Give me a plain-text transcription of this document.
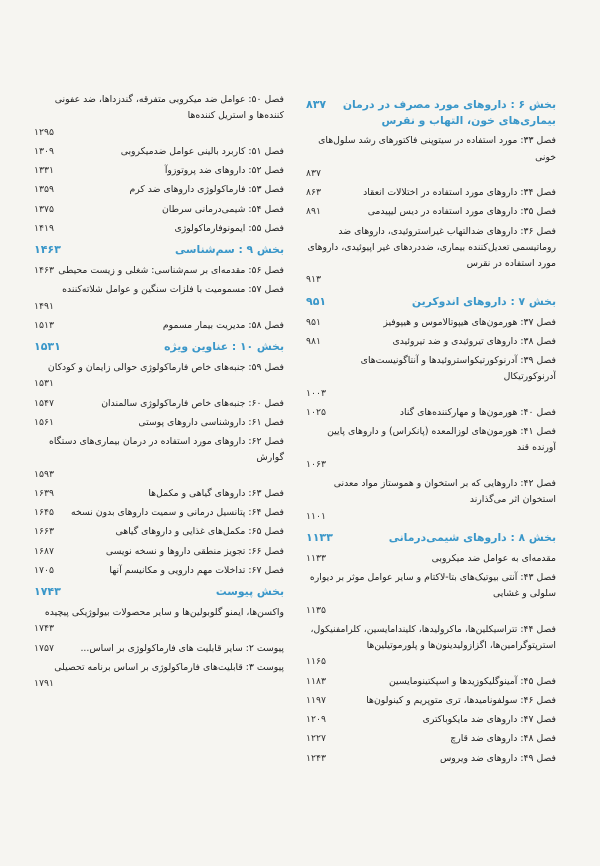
۸۳۷ بخش ۶ : داروهای مورد مصرف در درمان بیماری‌های خون، التهاب و نقرس
فصل ۳۳: مورد استفاده در سیتوپنی فاکتورهای رشد سلول‌های خونی
۸۳۷
۸۶۳	فصل ۳۴: داروهای مورد استفاده در اختلالات انعقاد
۸۹۱	فصل ۳۵: داروهای مورد استفاده در دیس لیپیدمی
فصل ۳۶: داروهای ضدالتهاب غیراستروئیدی، داروهای ضد روماتیسمی تعدیل‌کننده بیماری، ضددردهای غیر اپیوئیدی، داروهای مورد استفاده در نقرس
۹۱۳
۹۵۱	بخش ۷ : داروهای اندوکرین
۹۵۱	فصل ۳۷: هورمون‌های هیپوتالاموس و هیپوفیز
۹۸۱	فصل ۳۸: داروهای تیروئیدی و ضد تیروئیدی
فصل ۳۹: آدرنوکورتیکواستروئیدها و آنتاگونیست‌های آدرنوکورتیکال
۱۰۰۳
۱۰۲۵	فصل ۴۰: هورمون‌ها و مهارکننده‌های گناد
فصل ۴۱: هورمون‌های لوزالمعده (پانکراس) و داروهای پایین آورنده قند
۱۰۶۳
فصل ۴۲: داروهایی که بر استخوان و هموستاز مواد معدنی استخوان اثر می‌گذارند
۱۱۰۱
۱۱۳۳	بخش ۸ : داروهای شیمی‌درمانی
۱۱۳۳	مقدمه‌ای به عوامل ضد میکروبی
فصل ۴۳: آنتی بیوتیک‌های بتا-لاکتام و سایر عوامل موثر بر دیواره سلولی و غشایی
۱۱۳۵
فصل ۴۴: تتراسیکلین‌ها، ماکرولیدها، کلیندامایسین، کلرامفنیکول، استرپتوگرامین‌ها، اگزازولیدینون‌ها و پلورموتیلین‌ها
۱۱۶۵
۱۱۸۳	فصل ۴۵: آمینوگلیکوزیدها و اسپکتینومایسین
۱۱۹۷	فصل ۴۶: سولفونامیدها، تری متوپریم و کینولون‌ها
۱۲۰۹	فصل ۴۷: داروهای ضد مایکوباکتری
۱۲۲۷	فصل ۴۸: داروهای ضد قارچ
۱۲۴۳	فصل ۴۹: داروهای ضد ویروس
فصل ۵۰: عوامل ضد میکروبی متفرقه، گندزداها، ضد عفونی کننده‌ها و استریل کننده‌ها
۱۲۹۵
۱۳۰۹	فصل ۵۱: کاربرد بالینی عوامل ضدمیکروبی
۱۳۳۱	فصل ۵۲: داروهای ضد پروتوزوآ
۱۳۵۹	فصل ۵۳: فارماکولوژی داروهای ضد کرم
۱۳۷۵	فصل ۵۴: شیمی‌درمانی سرطان
۱۴۱۹	فصل ۵۵: ایمونوفارماکولوژی
۱۴۶۳	بخش ۹ : سم‌شناسی
۱۴۶۳ فصل ۵۶: مقدمه‌ای بر سم‌شناسی: شغلی و زیست محیطی
فصل ۵۷: مسمومیت با فلزات سنگین و عوامل شلاته‌کننده
۱۴۹۱
۱۵۱۳	فصل ۵۸: مدیریت بیمار مسموم
۱۵۳۱	بخش ۱۰ : عناوین ویژه
فصل ۵۹: جنبه‌های خاص فارماکولوژی حوالی زایمان و کودکان
۱۵۳۱
۱۵۴۷	فصل ۶۰: جنبه‌های خاص فارماکولوژی سالمندان
۱۵۶۱	فصل ۶۱: داروشناسی داروهای پوستی
فصل ۶۲: داروهای مورد استفاده در درمان بیماری‌های دستگاه گوارش
۱۵۹۳
۱۶۳۹	فصل ۶۳: داروهای گیاهی و مکمل‌ها
۱۶۴۵ فصل ۶۴: پتانسیل درمانی و سمیت داروهای بدون نسخه
۱۶۶۳	فصل ۶۵: مکمل‌های غذایی و داروهای گیاهی
۱۶۸۷	فصل ۶۶: تجویز منطقی داروها و نسخه نویسی
۱۷۰۵	فصل ۶۷: تداخلات مهم دارویی و مکانیسم آنها
۱۷۴۳	بخش پیوست
واکسن‌ها، ایمنو گلوبولین‌ها و سایر محصولات بیولوژیکی پیچیده
۱۷۴۳
۱۷۵۷	پیوست ۲: سایر قابلیت های فارماکولوژی بر اساس...
پیوست ۳: قابلیت‌های فارماکولوژی بر اساس برنامه تحصیلی
۱۷۹۱
